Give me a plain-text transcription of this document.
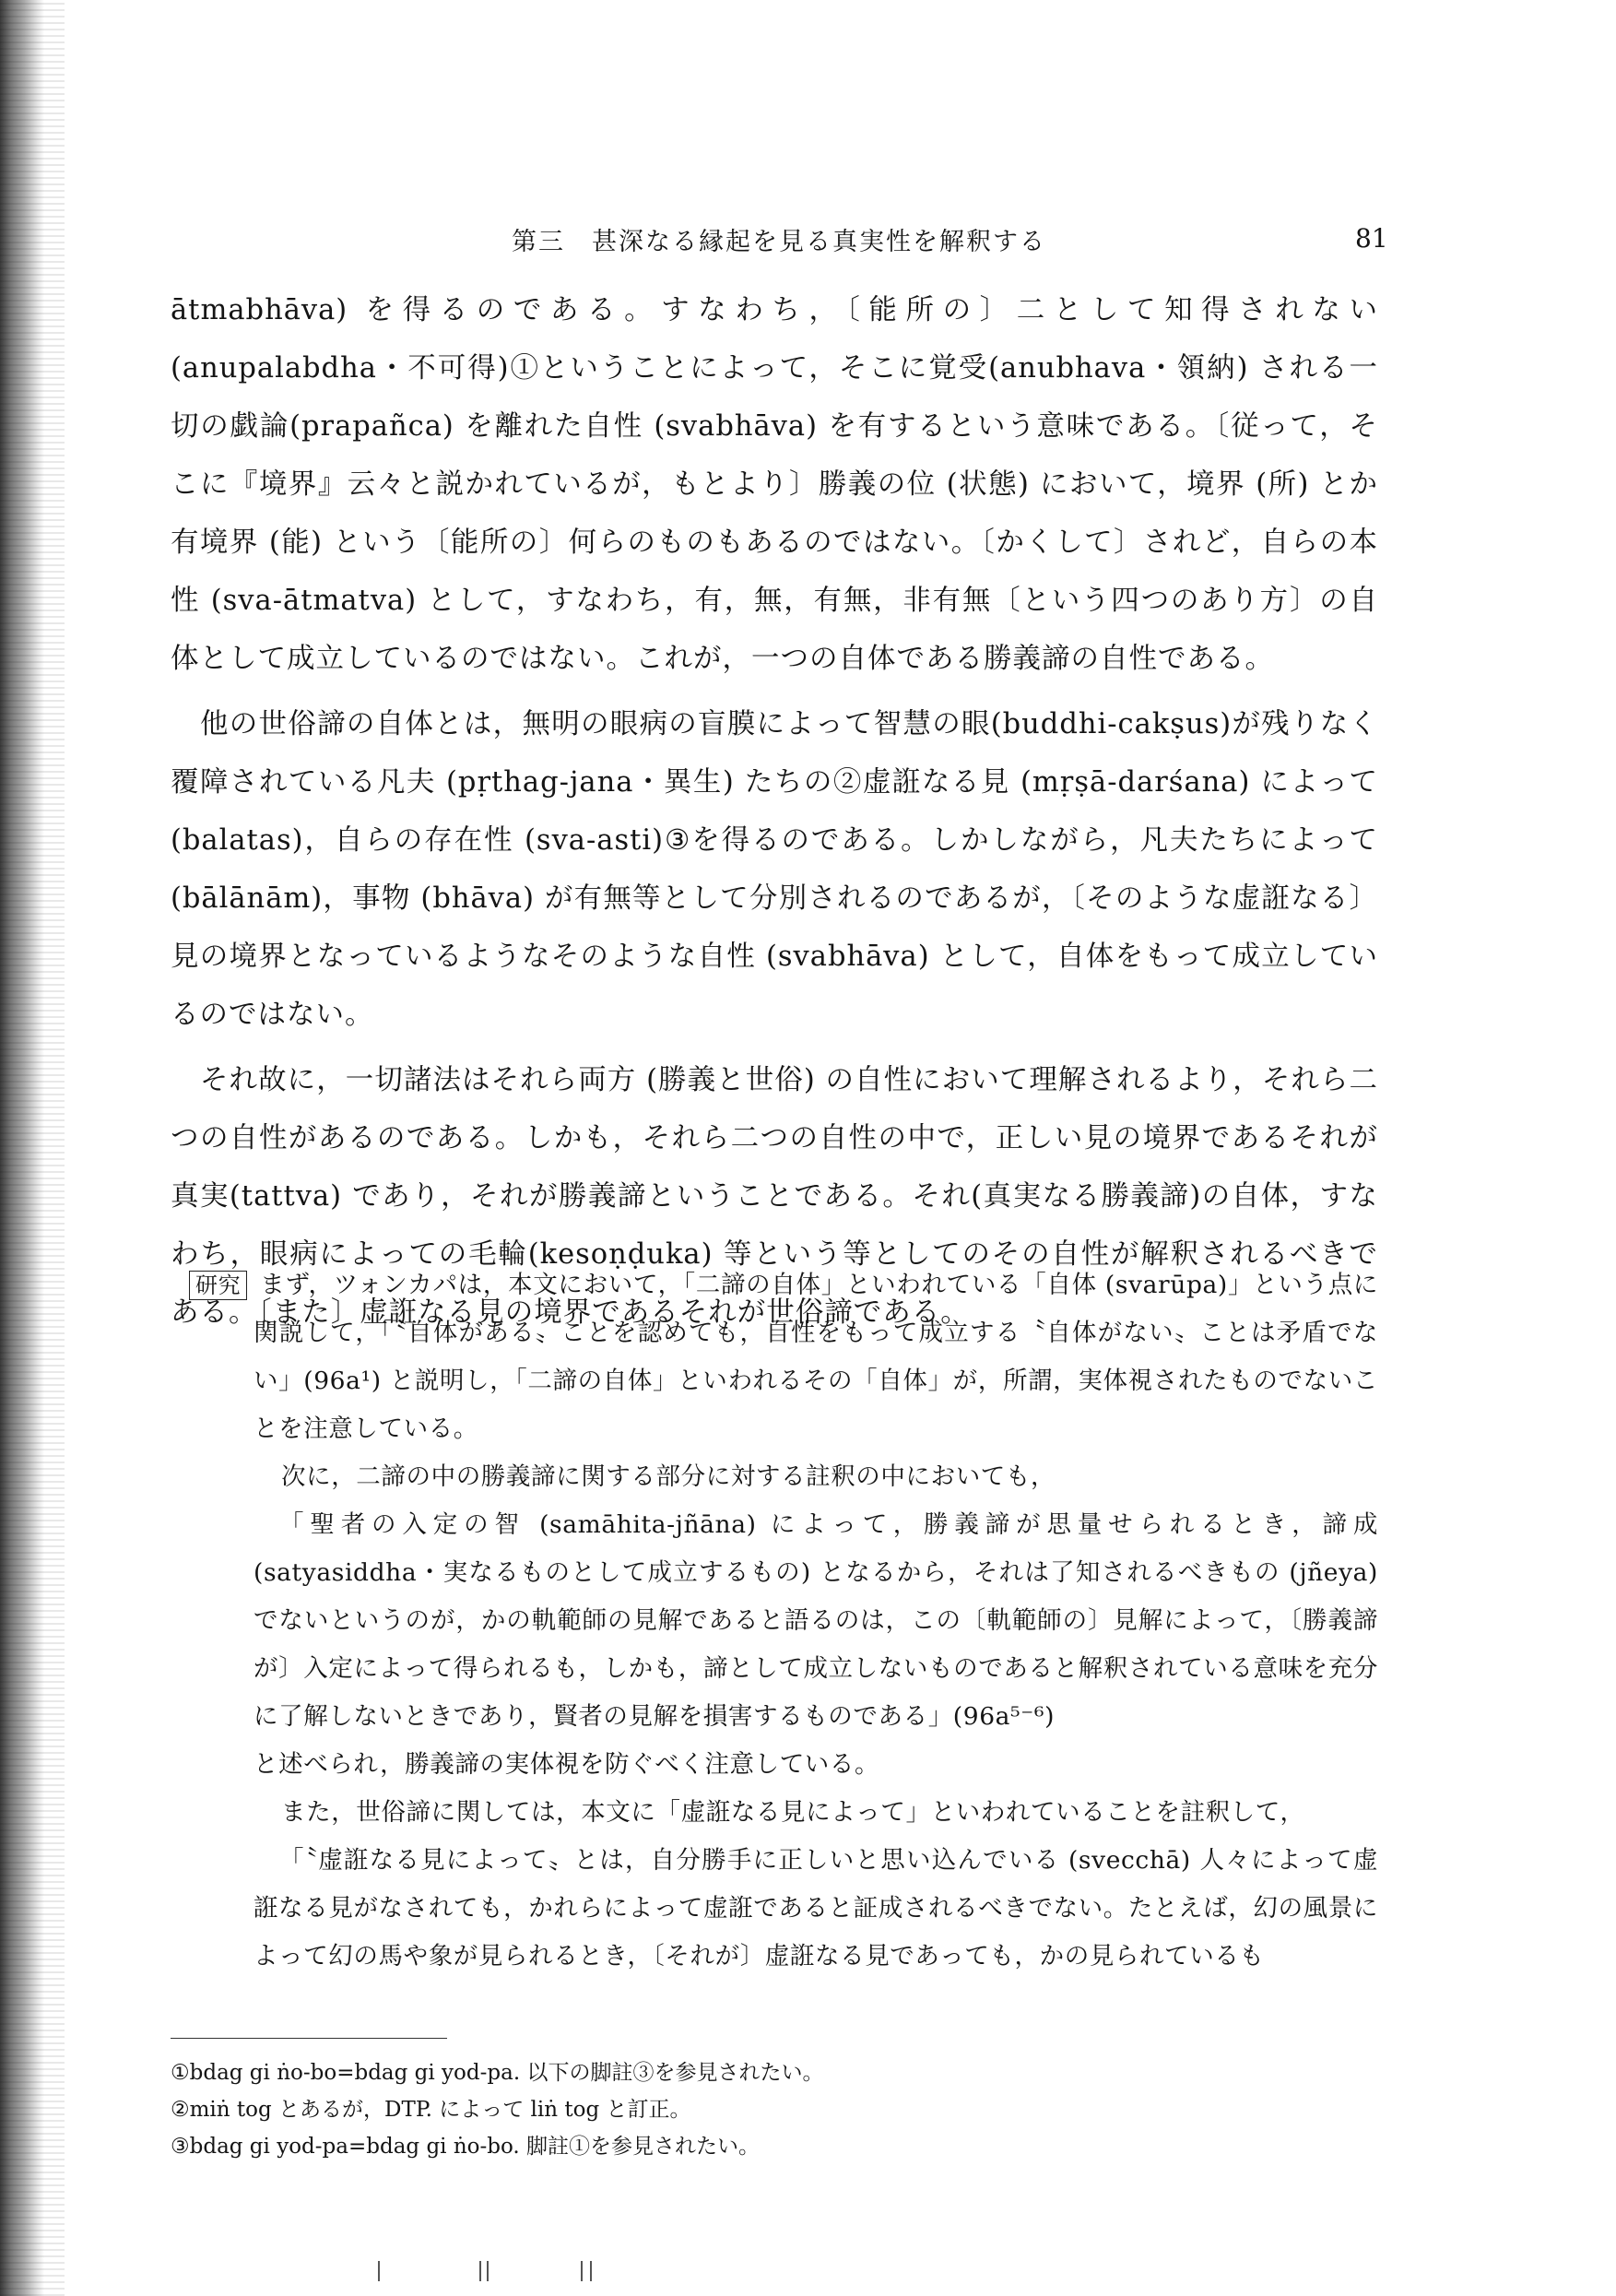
第三　甚深なる縁起を見る真実性を解釈する	81

ātmabhāva) を得るのである。すなわち，〔能所の〕二として知得されない (anupalabdha・不可得)①ということによって，そこに覚受(anubhava・領納) される一切の戯論(prapañca) を離れた自性 (svabhāva) を有するという意味である。〔従って，そこに『境界』云々と説かれているが，もとより〕勝義の位 (状態) において，境界 (所) とか有境界 (能) という〔能所の〕何らのものもあるのではない。〔かくして〕されど，自らの本性 (sva-ātmatva) として，すなわち，有，無，有無，非有無〔という四つのあり方〕の自体として成立しているのではない。これが，一つの自体である勝義諦の自性である。

他の世俗諦の自体とは，無明の眼病の盲膜によって智慧の眼(buddhi-cakṣus)が残りなく覆障されている凡夫 (pṛthag-jana・異生) たちの②虚誑なる見 (mṛṣā-darśana) によって (balatas)，自らの存在性 (sva-asti)③を得るのである。しかしながら，凡夫たちによって (bālānām)，事物 (bhāva) が有無等として分別されるのであるが，〔そのような虚誑なる〕見の境界となっているようなそのような自性 (svabhāva) として，自体をもって成立しているのではない。

それ故に，一切諸法はそれら両方 (勝義と世俗) の自性において理解されるより，それら二つの自性があるのである。しかも，それら二つの自性の中で，正しい見の境界であるそれが真実(tattva) であり，それが勝義諦ということである。それ(真実なる勝義諦)の自体，すなわち，眼病によっての毛輪(kesoṇḍuka) 等という等としてのその自性が解釈されるべきである。〔また〕虚誑なる見の境界であるそれが世俗諦である。

研究 まず，ツォンカパは，本文において，「二諦の自体」といわれている「自体 (svarūpa)」という点に関説して，「〝自体がある〟ことを認めても，自性をもって成立する〝自体がない〟ことは矛盾でない」(96a¹) と説明し，「二諦の自体」といわれるその「自体」が，所謂，実体視されたものでないことを注意している。

次に，二諦の中の勝義諦に関する部分に対する註釈の中においても，

「聖者の入定の智 (samāhita-jñāna) によって，勝義諦が思量せられるとき，諦成 (satyasiddha・実なるものとして成立するもの) となるから，それは了知されるべきもの (jñeya) でないというのが，かの軌範師の見解であると語るのは，この〔軌範師の〕見解によって，〔勝義諦が〕入定によって得られるも，しかも，諦として成立しないものであると解釈されている意味を充分に了解しないときであり，賢者の見解を損害するものである」(96a⁵⁻⁶)

と述べられ，勝義諦の実体視を防ぐべく注意している。

また，世俗諦に関しては，本文に「虚誑なる見によって」といわれていることを註釈して，

「〝虚誑なる見によって〟とは，自分勝手に正しいと思い込んでいる (svecchā) 人々によって虚誑なる見がなされても，かれらによって虚誑であると証成されるべきでない。たとえば，幻の風景によって幻の馬や象が見られるとき，〔それが〕虚誑なる見であっても，かの見られているも

①bdag gi ṅo-bo=bdag gi yod-pa. 以下の脚註③を参見されたい。
②miṅ tog とあるが，DTP. によって liṅ tog と訂正。
③bdag gi yod-pa=bdag gi ṅo-bo. 脚註①を参見されたい。
